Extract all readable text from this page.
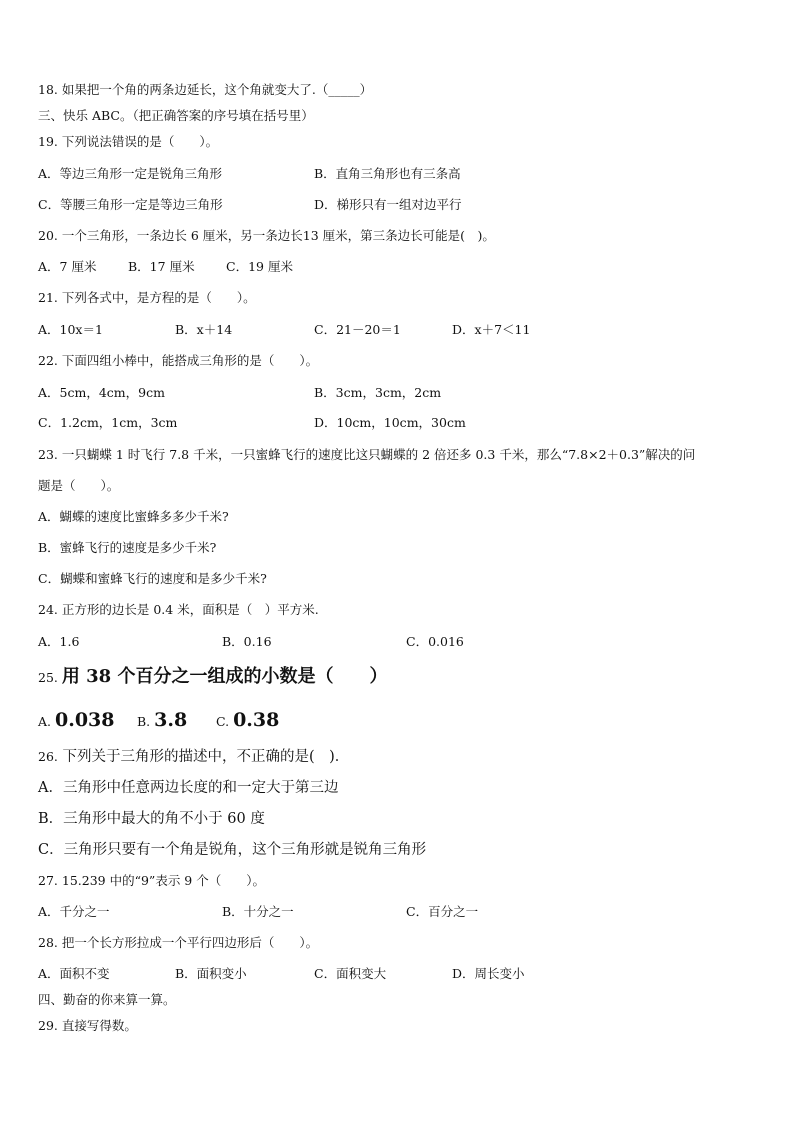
18. 如果把一个角的两条边延长，这个角就变大了.（_____）
三、快乐 ABC。（把正确答案的序号填在括号里）
19. 下列说法错误的是（　　）。
A．等边三角形一定是锐角三角形	B．直角三角形也有三条高
C．等腰三角形一定是等边三角形	D．梯形只有一组对边平行
20. 一个三角形，一条边长 6 厘米，另一条边长13 厘米，第三条边长可能是(　)。
A．7 厘米	B．17 厘米	C．19 厘米
21. 下列各式中，是方程的是（　　）。
A．10x＝1	B．x＋14	C．21－20＝1	D．x＋7＜11
22. 下面四组小棒中，能搭成三角形的是（　　）。
A．5cm，4cm，9cm	B．3cm，3cm，2cm
C．1.2cm，1cm，3cm	D．10cm，10cm，30cm
23. 一只蝴蝶 1 时飞行 7.8 千米，一只蜜蜂飞行的速度比这只蝴蝶的 2 倍还多 0.3 千米，那么“7.8×2＋0.3”解决的问
题是（　　）。
A．蝴蝶的速度比蜜蜂多多少千米?
B．蜜蜂飞行的速度是多少千米?
C．蝴蝶和蜜蜂飞行的速度和是多少千米?
24. 正方形的边长是 0.4 米，面积是（　）平方米.
A．1.6	B．0.16	C．0.016
25. 用 38 个百分之一组成的小数是（　　）
A. 0.038 B. 3.8 C. 0.38
26. 下列关于三角形的描述中，不正确的是(　)．
A．三角形中任意两边长度的和一定大于第三边
B．三角形中最大的角不小于 60 度
C．三角形只要有一个角是锐角，这个三角形就是锐角三角形
27. 15.239 中的“9”表示 9 个（　　）。
A．千分之一	B．十分之一	C．百分之一
28. 把一个长方形拉成一个平行四边形后（　　）。
A．面积不变	B．面积变小	C．面积变大	D．周长变小
四、勤奋的你来算一算。
29. 直接写得数。
